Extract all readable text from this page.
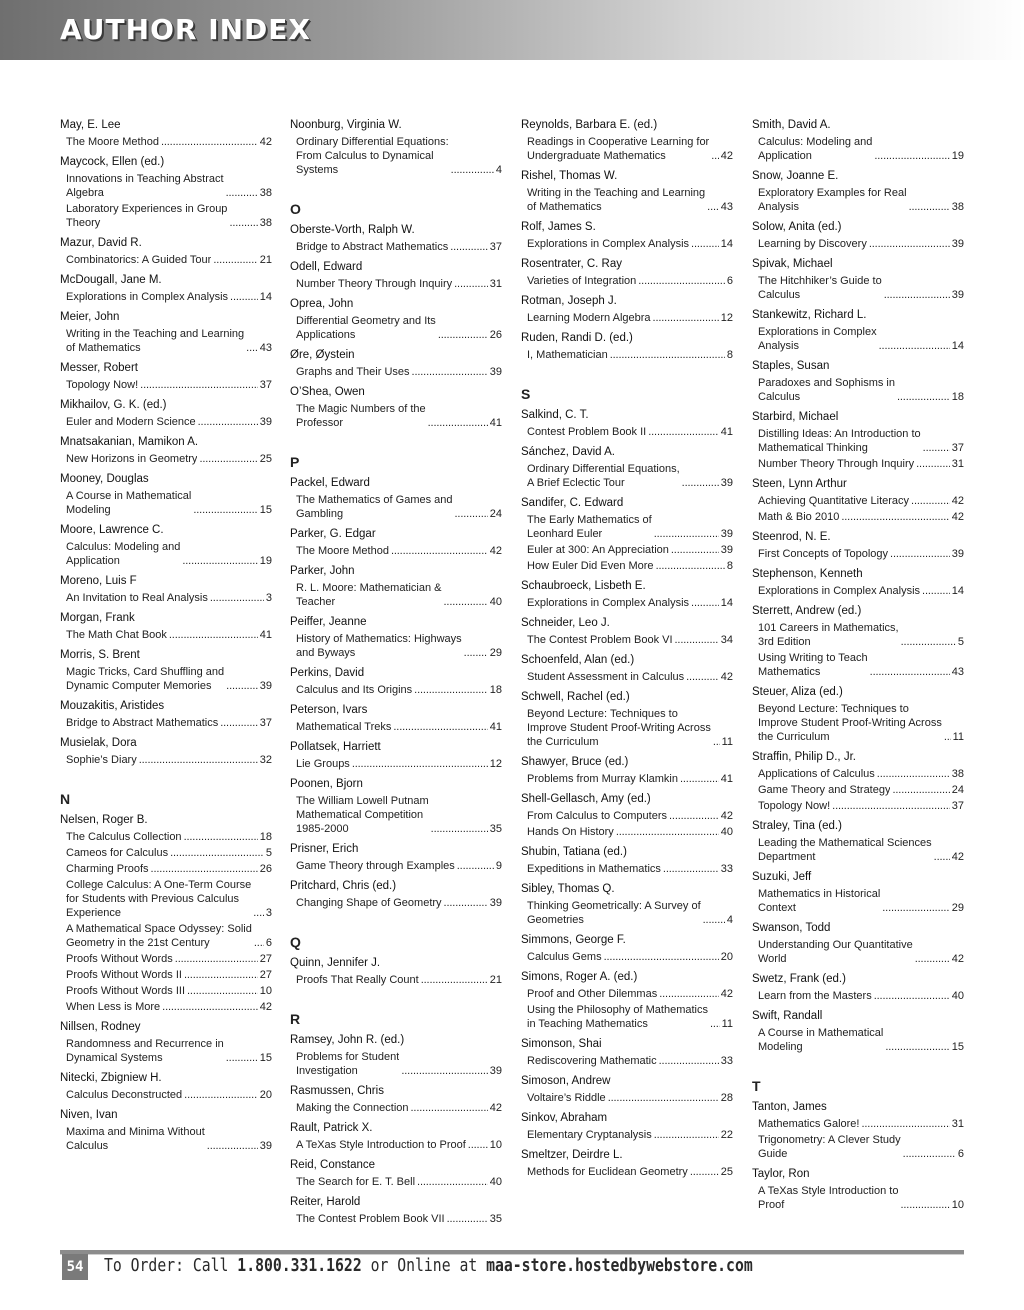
AUTHOR INDEX
May, E. Lee
The Moore Method . . .	42
Maycock, Ellen (ed.)
Innovations in Teaching Abstract
Algebra . . .	38
Laboratory Experiences in Group
Theory . . .	38
Mazur, David R.
Combinatorics: A Guided Tour . . .	21
McDougall, Jane M.
Explorations in Complex Analysis . . .	14
Meier, John
Writing in the Teaching and Learning
of Mathematics . . .	43
Messer, Robert
Topology Now! . . .	37
Mikhailov, G. K. (ed.)
Euler and Modern Science . . .	39
Mnatsakanian, Mamikon A.
New Horizons in Geometry . . .	25
Mooney, Douglas
A Course in Mathematical
Modeling . . .	15
Moore, Lawrence C.
Calculus: Modeling and
Application . . .	19
Moreno, Luis F
An Invitation to Real Analysis . . .	3
Morgan, Frank
The Math Chat Book . . .	41
Morris, S. Brent
Magic Tricks, Card Shuffling and
Dynamic Computer Memories . . .	39
Mouzakitis, Aristides
Bridge to Abstract Mathematics . . .	37
Musielak, Dora
Sophie’s Diary . . .	32
N
Nelsen, Roger B.
The Calculus Collection . . .	18
Cameos for Calculus . . .	5
Charming Proofs . . .	26
College Calculus: A One-Term Course
for Students with Previous Calculus
Experience . . .	3
A Mathematical Space Odyssey: Solid
Geometry in the 21st Century . . .	6
Proofs Without Words . . .	27
Proofs Without Words II . . .	27
Proofs Without Words III . . .	10
When Less is More . . .	42
Nillsen, Rodney
Randomness and Recurrence in
Dynamical Systems . . .	15
Nitecki, Zbigniew H.
Calculus Deconstructed . . .	20
Niven, Ivan
Maxima and Minima Without
Calculus . . .	39
Noonburg, Virginia W.
Ordinary Differential Equations:
From Calculus to Dynamical
Systems . . .	4
O
Oberste-Vorth, Ralph W.
Bridge to Abstract Mathematics . . .	37
Odell, Edward
Number Theory Through Inquiry . . .	31
Oprea, John
Differential Geometry and Its
Applications . . .	26
Øre, Øystein
Graphs and Their Uses . . .	39
O’Shea, Owen
The Magic Numbers of the
Professor . . .	41
P
Packel, Edward
The Mathematics of Games and
Gambling . . .	24
Parker, G. Edgar
The Moore Method . . .	42
Parker, John
R. L. Moore: Mathematician &
Teacher . . .	40
Peiffer, Jeanne
History of Mathematics: Highways
and Byways . . .	29
Perkins, David
Calculus and Its Origins . . .	18
Peterson, Ivars
Mathematical Treks . . .	41
Pollatsek, Harriett
Lie Groups . . .	12
Poonen, Bjorn
The William Lowell Putnam
Mathematical Competition
1985-2000 . . .	35
Prisner, Erich
Game Theory through Examples . . .	9
Pritchard, Chris (ed.)
Changing Shape of Geometry . . .	39
Q
Quinn, Jennifer J.
Proofs That Really Count . . .	21
R
Ramsey, John R. (ed.)
Problems for Student
Investigation . . .	39
Rasmussen, Chris
Making the Connection . . .	42
Rault, Patrick X.
A TeXas Style Introduction to Proof . . . 10
Reid, Constance
The Search for E. T. Bell . . .	40
Reiter, Harold
The Contest Problem Book VII . . .	35
Reynolds, Barbara E. (ed.)
Readings in Cooperative Learning for
Undergraduate Mathematics . . .	42
Rishel, Thomas W.
Writing in the Teaching and Learning
of Mathematics . . .	43
Rolf, James S.
Explorations in Complex Analysis . . .	14
Rosentrater, C. Ray
Varieties of Integration . . .	6
Rotman, Joseph J.
Learning Modern Algebra . . .	12
Ruden, Randi D. (ed.)
I, Mathematician . . .	8
S
Salkind, C. T.
Contest Problem Book II . . .	41
Sánchez, David A.
Ordinary Differential Equations,
A Brief Eclectic Tour . . .	39
Sandifer, C. Edward
The Early Mathematics of
Leonhard Euler . . .	39
Euler at 300: An Appreciation . . .	39
How Euler Did Even More . . .	8
Schaubroeck, Lisbeth E.
Explorations in Complex Analysis . . .	14
Schneider, Leo J.
The Contest Problem Book VI . . .	34
Schoenfeld, Alan (ed.)
Student Assessment in Calculus . . .	42
Schwell, Rachel (ed.)
Beyond Lecture: Techniques to
Improve Student Proof-Writing Across
the Curriculum . . .	11
Shawyer, Bruce (ed.)
Problems from Murray Klamkin . . .	41
Shell-Gellasch, Amy (ed.)
From Calculus to Computers . . .	42
Hands On History . . .	40
Shubin, Tatiana (ed.)
Expeditions in Mathematics . . .	33
Sibley, Thomas Q.
Thinking Geometrically: A Survey of
Geometries . . .	4
Simmons, George F.
Calculus Gems . . .	20
Simons, Roger A. (ed.)
Proof and Other Dilemmas . . .	42
Using the Philosophy of Mathematics
in Teaching Mathematics . . .	11
Simonson, Shai
Rediscovering Mathematic . . .	33
Simoson, Andrew
Voltaire’s Riddle . . .	28
Sinkov, Abraham
Elementary Cryptanalysis . . .	22
Smeltzer, Deirdre L.
Methods for Euclidean Geometry . . .	25
Smith, David A.
Calculus: Modeling and
Application . . .	19
Snow, Joanne E.
Exploratory Examples for Real
Analysis . . .	38
Solow, Anita (ed.)
Learning by Discovery . . .	39
Spivak, Michael
The Hitchhiker’s Guide to
Calculus . . .	39
Stankewitz, Richard L.
Explorations in Complex
Analysis . . .	14
Staples, Susan
Paradoxes and Sophisms in
Calculus . . .	18
Starbird, Michael
Distilling Ideas: An Introduction to
Mathematical Thinking . . .	37
Number Theory Through Inquiry . . .	31
Steen, Lynn Arthur
Achieving Quantitative Literacy . . .	42
Math & Bio 2010 . . .	42
Steenrod, N. E.
First Concepts of Topology . . .	39
Stephenson, Kenneth
Explorations in Complex Analysis . . .	14
Sterrett, Andrew (ed.)
101 Careers in Mathematics,
3rd Edition . . .	5
Using Writing to Teach
Mathematics . . .	43
Steuer, Aliza (ed.)
Beyond Lecture: Techniques to
Improve Student Proof-Writing Across
the Curriculum . . .	11
Straffin, Philip D., Jr.
Applications of Calculus . . .	38
Game Theory and Strategy . . .	24
Topology Now! . . .	37
Straley, Tina (ed.)
Leading the Mathematical Sciences
Department . . .	42
Suzuki, Jeff
Mathematics in Historical
Context . . .	29
Swanson, Todd
Understanding Our Quantitative
World . . .	42
Swetz, Frank (ed.)
Learn from the Masters . . .	40
Swift, Randall
A Course in Mathematical
Modeling . . .	15
T
Tanton, James
Mathematics Galore! . . .	31
Trigonometry: A Clever Study
Guide . . .	6
Taylor, Ron
A TeXas Style Introduction to
Proof . . .	10
54 To Order: Call 1.800.331.1622 or Online at maa-store.hostedbywebstore.com
